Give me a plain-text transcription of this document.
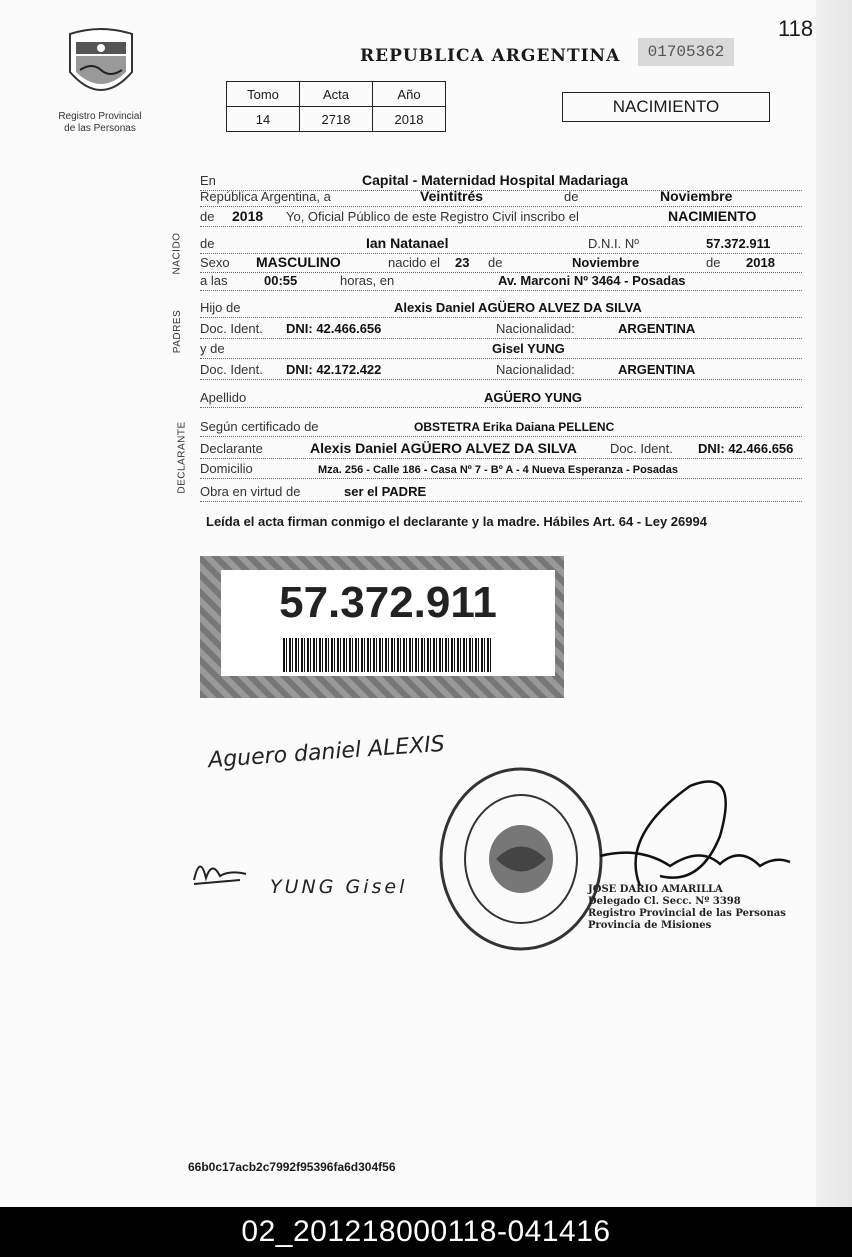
118
Registro Provincial
de las Personas
REPUBLICA ARGENTINA	01705362
Tomo	Acta	Año
14	2718	2018
NACIMIENTO
En	Capital - Maternidad Hospital Madariaga
República Argentina, a	Veintitrés	de	Noviembre
de 2018 Yo, Oficial Público de este Registro Civil inscribo el	NACIMIENTO
de	Ian Natanael	D.N.I. Nº	57.372.911
Sexo MASCULINO	nacido el 23 de	Noviembre	de 2018
a las	00:55	horas, en	Av. Marconi Nº 3464 - Posadas
Hijo de	Alexis Daniel AGÜERO ALVEZ DA SILVA
Doc. Ident. DNI: 42.466.656	Nacionalidad:	ARGENTINA
y de	Gisel YUNG
Doc. Ident. DNI: 42.172.422	Nacionalidad:	ARGENTINA
Apellido	AGÜERO YUNG
Según certificado de	OBSTETRA Erika Daiana PELLENC
Declarante	Alexis Daniel AGÜERO ALVEZ DA SILVA	Doc. Ident. DNI: 42.466.656
Domicilio	Mza. 256 - Calle 186 - Casa Nº 7 - Bº A - 4 Nueva Esperanza - Posadas
Obra en virtud de	ser el PADRE
NACIDO
PADRES
DECLARANTE
Leída el acta firman conmigo el declarante y la madre. Hábiles Art. 64 - Ley 26994
57.372.911
Aguero daniel ALEXIS
YUNG Gisel	JOSE DARIO AMARILLA
Delegado Cl. Secc. Nº 3398
Registro Provincial de las Personas
Provincia de Misiones
66b0c17acb2c7992f95396fa6d304f56
02_201218000118-041416
